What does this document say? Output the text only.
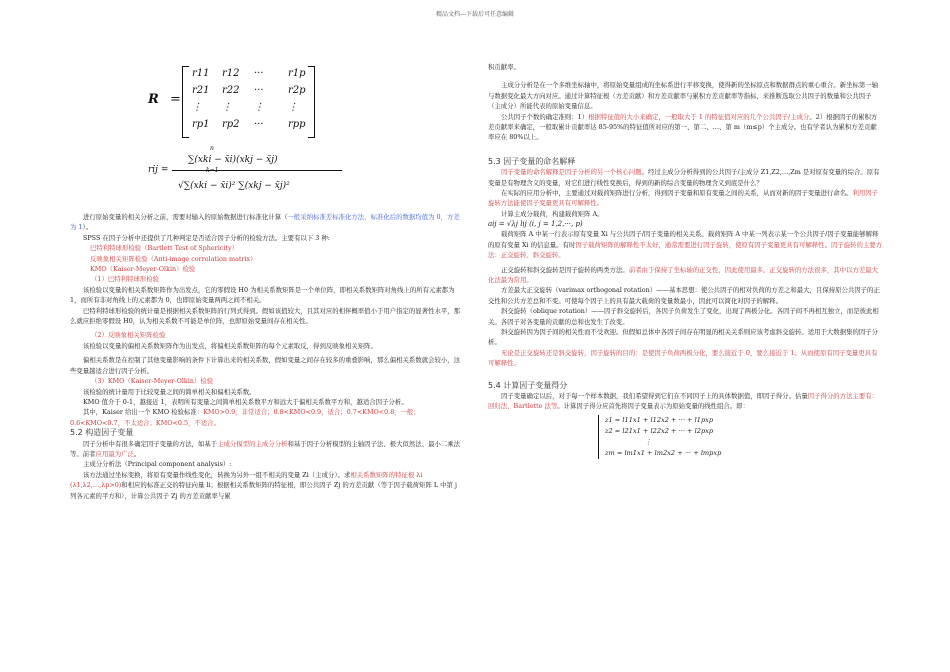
精品文档---下载后可任意编辑
R =
r11	r12	···	r1p
r21	r22	···	r2p
⋮	⋮	⋮	⋮
rp1	rp2	···	rpp
rij =
n
∑(xki − x̄i)(xkj − x̄j)
k=1
√∑(xki − x̄i)² ∑(xkj − x̄j)²

进行原始变量的相关分析之前，需要对输入的原始数据进行标准化计算（一般采纳标准差标准化方法，标准化后的数据均值为 0，方差为 1）。

SPSS 在因子分析中还提供了几种判定是否适合因子分析的检验方法。主要有以下 3 种:

巴特利特球形检验（Bartlett Test of Sphericity）

反映象相关矩阵检验（Anti-image correlation matrix）

KMO（Kaiser-Meyer-Olkin）检验

（1）巴特利特球形检验

该检验以变量的相关系数矩阵作为出发点，它的零假设 H0 为相关系数矩阵是一个单位阵，即相关系数矩阵对角线上的所有元素都为 1，而所有非对角线上的元素都为 0，也即原始变量两两之间不相关。

巴特利特球形检验的统计量是根据相关系数矩阵的行列式得到。假如该值较大，且其对应的相伴概率值小于用户指定的显著性水平，那么就应拒绝零假设 H0，认为相关系数不可能是单位阵，也即原始变量间存在相关性。

（2）反映象相关矩阵检验

该检验以变量的偏相关系数矩阵作为出发点，将偏相关系数矩阵的每个元素取反，得到反映象相关矩阵。

偏相关系数是在控制了其他变量影响的条件下计算出来的相关系数，假如变量之间存在较多的重叠影响，那么偏相关系数就会较小，这些变量越适合进行因子分析。

（3）KMO（Kaiser-Meyer-Olkin）检验

该检验的统计量用于比较变量之间的简单相关和偏相关系数。

KMO 值介于 0-1，越接近 1，表明所有变量之间简单相关系数平方和远大于偏相关系数平方和，越适合因子分析。

其中，Kaiser 给出一个 KMO 检验标准：KMO>0.9，非常适合；0.8<KMO<0.9，适合；0.7<KMO<0.8，一般；0.6<KMO<0.7，不太适合；KMO<0.5，不适合。

5.2 构造因子变量

因子分析中有很多确定因子变量的方法，如基于主成分模型的主成分分析和基于因子分析模型的主轴因子法、极大似然法、最小二乘法等。前者应用最为广泛。

主成分分析法（Principal component analysis）:

该方法通过坐标变换，将原有变量作线性变化，转换为另外一组不相关的变量 Zi（主成分）。求相关系数矩阵的特征根 λi (λ1,λ2,…,λp>0)和相应的标准正交的特征向量 li；根据相关系数矩阵的特征根，即公共因子 Zj 的方差贡献（等于因子载荷矩阵 L 中第 j 列各元素的平方和），计算公共因子 Zj 的方差贡献率与累

积贡献率。

主成分分析是在一个多维坐标轴中，将原始变量组成的坐标系进行平移变换，使得新的坐标原点和数据群点的重心重合。新坐标第一轴与数据变化最大方向对应。通过计算特征根（方差贡献）和方差贡献率与累积方差贡献率等指标，来推断选取公共因子的数量和公共因子（主成分）所能代表的原始变量信息。

公共因子个数的确定准则：1）根据特征值的大小来确定，一般取大于 1 的特征值对应的几个公共因子/主成分。2）根据因子的累积方差贡献率来确定，一般取累计贡献率达 85-95%的特征值所对应的第一、第二、…、第 m（m≤p）个主成分。也有学者认为累积方差贡献率应在 80%以上。

5.3 因子变量的命名解释

因子变量的命名解释是因子分析的另一个核心问题。经过主成分分析得到的公共因子/主成分 Z1,Z2,…,Zm 是对原有变量的综合。原有变量是有物理含义的变量，对它们进行线性变换后，得到的新的综合变量的物理含义到底是什么？

在实际的应用分析中，主要通过对载荷矩阵进行分析，得到因子变量和原有变量之间的关系，从而对新的因子变量进行命名。利用因子旋转方法能使因子变量更具有可解释性。

计算主成分载荷，构建载荷矩阵 A。

aij = √λj lij (i, j = 1,2,···, p)

载荷矩阵 A 中某一行表示原有变量 Xi 与公共因子/因子变量的相关关系。载荷矩阵 A 中某一列表示某一个公共因子/因子变量能够解释的原有变量 Xi 的信息量。有时因子载荷矩阵的解释性不太好，通常需要进行因子旋转，使原有因子变量更具有可解释性。因子旋转的主要方法：正交旋转、斜交旋转。

正交旋转和斜交旋转是因子旋转的两类方法。前者由于保持了坐标轴的正交性，因此使用最多。正交旋转的方法很多，其中以方差最大化法最为常用。

方差最大正交旋转（varimax orthogonal rotation）——基本思想：使公共因子的相对负荷的方差之和最大，且保持原公共因子的正交性和公共方差总和不变。可使每个因子上的具有最大载荷的变量数最小，因此可以简化对因子的解释。

斜交旋转（oblique rotation）——因子斜交旋转后，各因子负荷发生了变化，出现了两极分化。各因子间不再相互独立，而是彼此相关。各因子对各变量的贡献的总和也发生了改变。

斜交旋转因为因子间的相关性而不受欢迎。但假如总体中各因子间存在明显的相关关系则应该考虑斜交旋转。适用于大数据集的因子分析。

无论是正交旋转还是斜交旋转，因子旋转的目的：是使因子负荷两极分化，要么接近于 0，要么接近于 1。从而使原有因子变量更具有可解释性。

5.4 计算因子变量得分

因子变量确定以后，对于每一个样本数据，我们希望得到它们在不同因子上的具体数据值，即因子得分。估量因子得分的方法主要有：回归法、Bartlette 法等。计算因子得分应首先将因子变量表示为原始变量的线性组合。即：

z1 = l11x1 + l12x2 + ··· + l1pxp
z2 = l21x1 + l22x2 + ··· + l2pxp
⋮
zm = lm1x1 + lm2x2 + ··· + lmpxp
